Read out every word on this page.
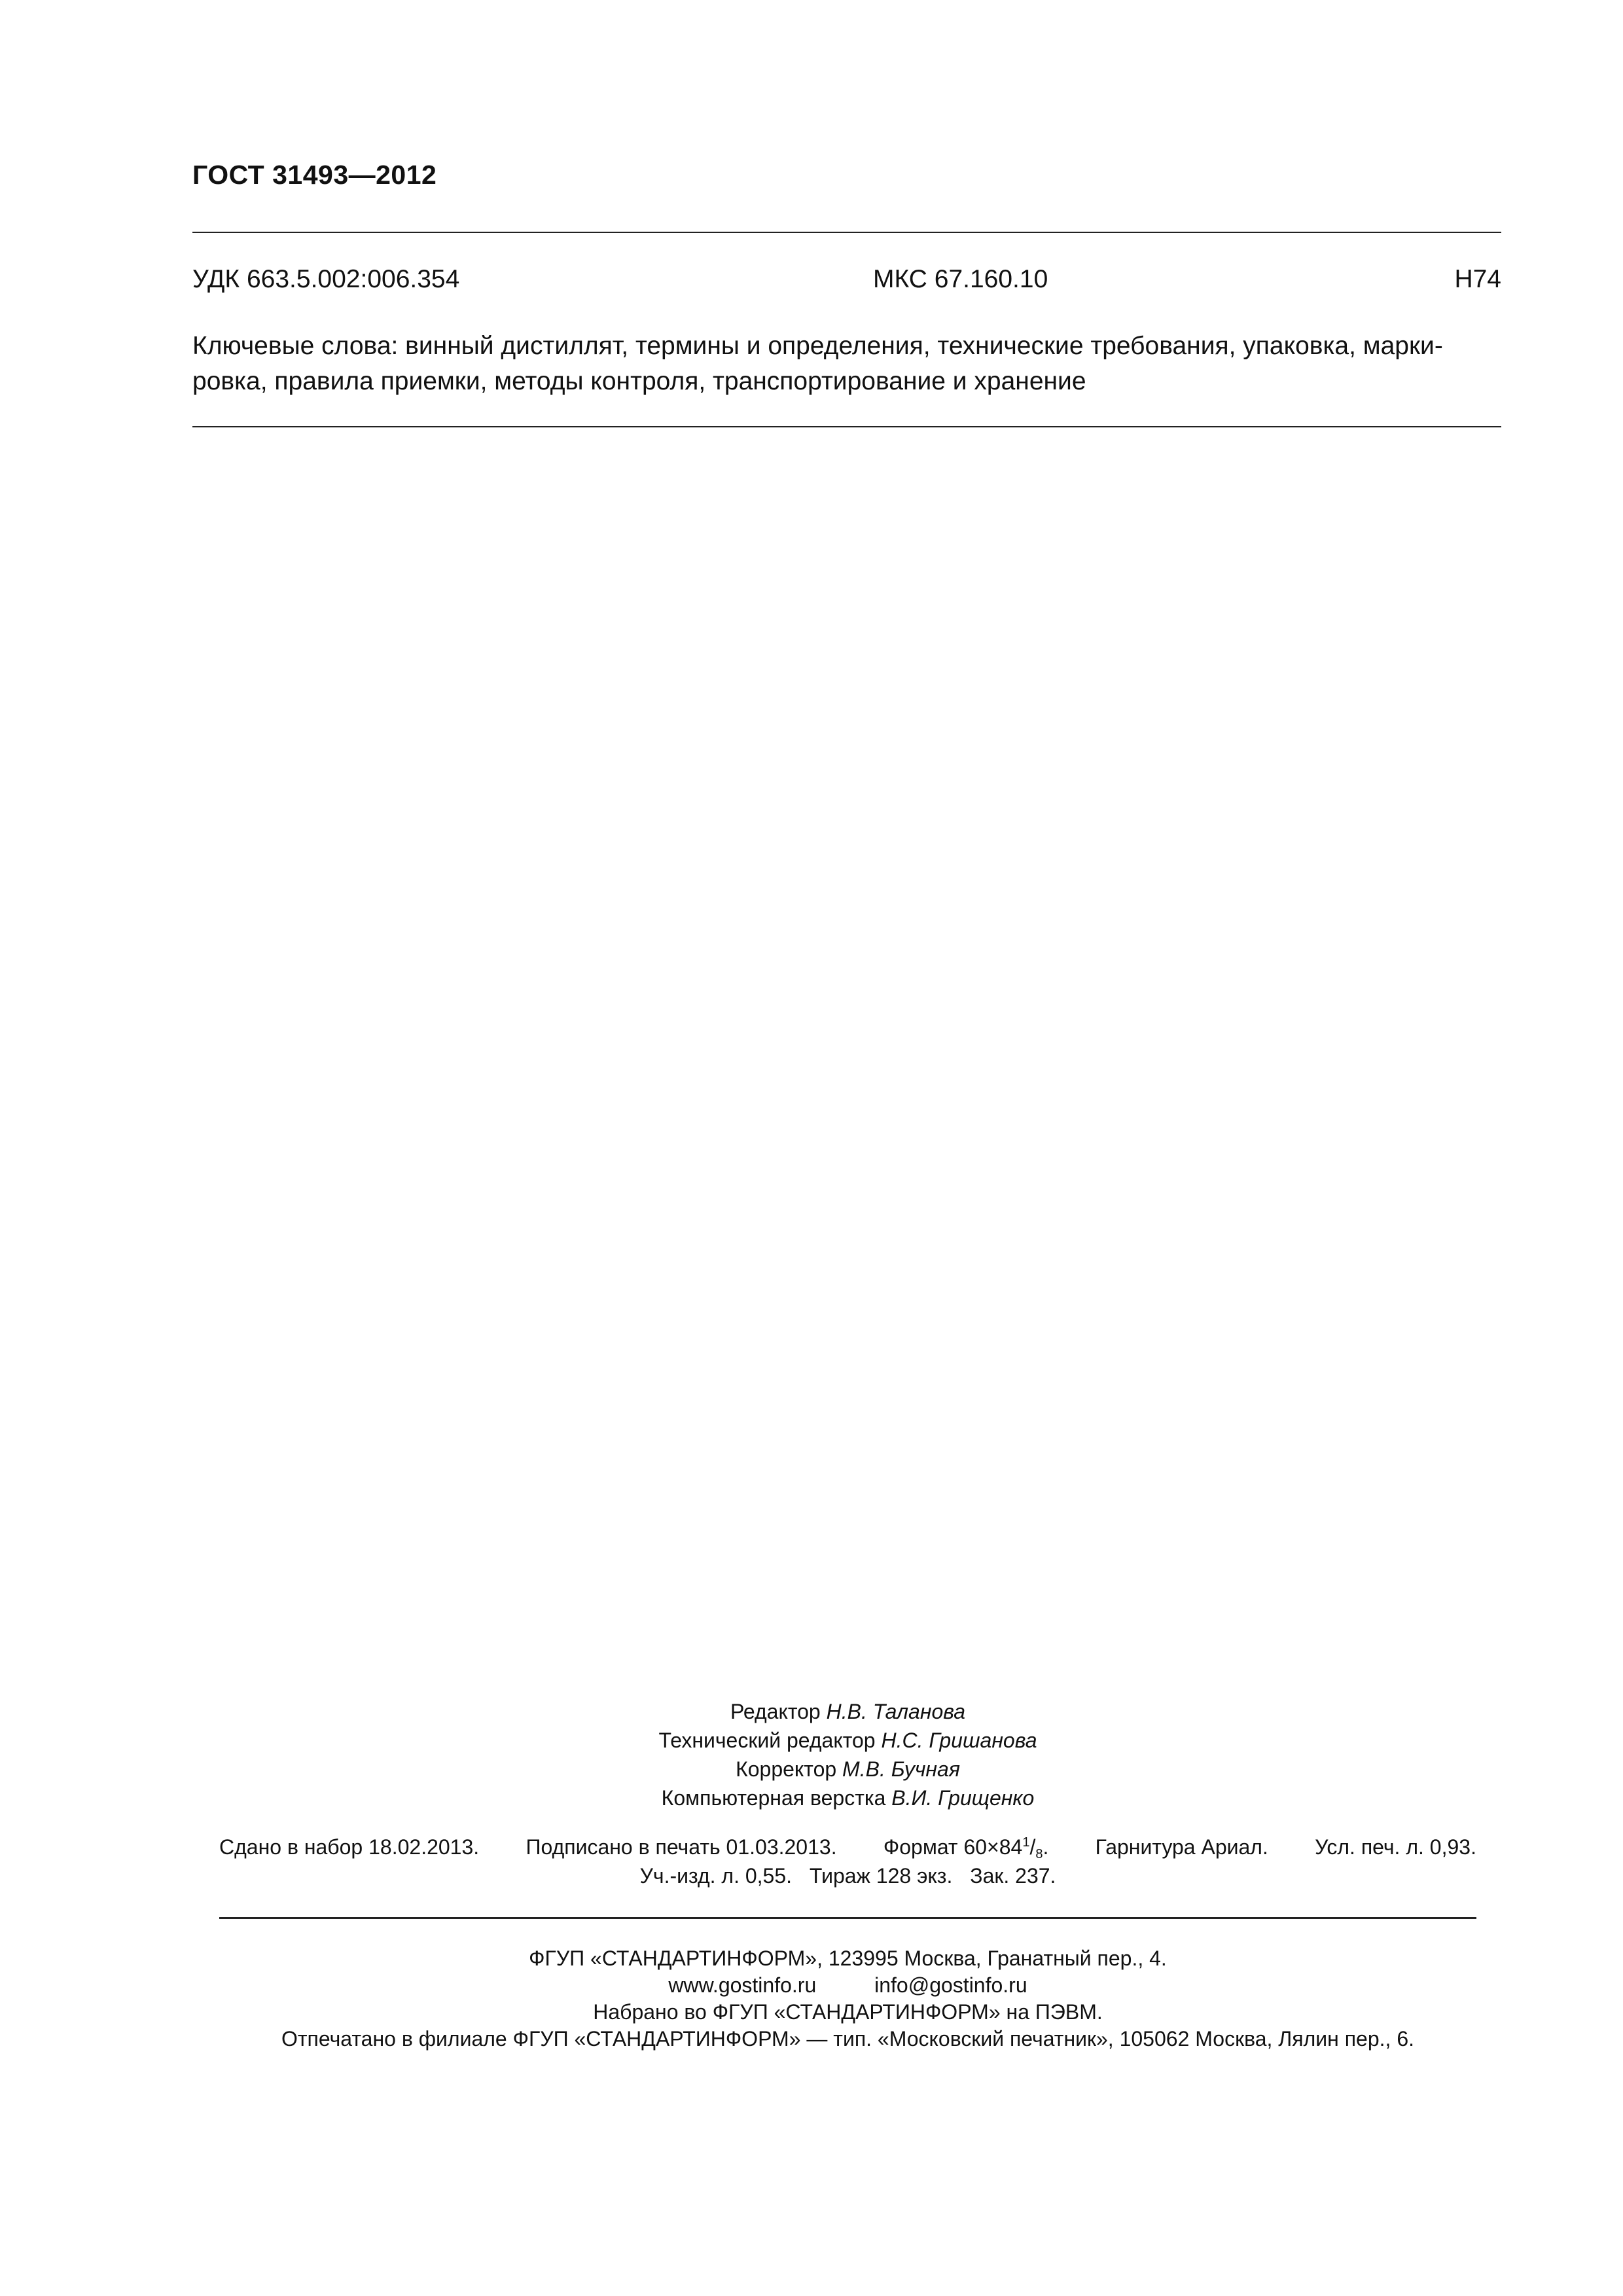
ГОСТ 31493—2012
УДК 663.5.002:006.354	МКС 67.160.10	Н74
Ключевые слова: винный дистиллят, термины и определения, технические требования, упаковка, марки-
ровка, правила приемки, методы контроля, транспортирование и хранение
Редактор Н.В. Таланова
Технический редактор Н.С. Гришанова
Корректор М.В. Бучная
Компьютерная верстка В.И. Грищенко
Сдано в набор 18.02.2013. Подписано в печать 01.03.2013. Формат $60\times 84^1/_8$. Гарнитура Ариал. Усл. печ. л. 0,93.
Уч.-изд. л. 0,55. Тираж 128 экз. Зак. 237.
ФГУП «СТАНДАРТИНФОРМ», 123995 Москва, Гранатный пер., 4.
www.gostinfo.ru	info@gostinfo.ru
Набрано во ФГУП «СТАНДАРТИНФОРМ» на ПЭВМ.
Отпечатано в филиале ФГУП «СТАНДАРТИНФОРМ» — тип. «Московский печатник», 105062 Москва, Лялин пер., 6.
